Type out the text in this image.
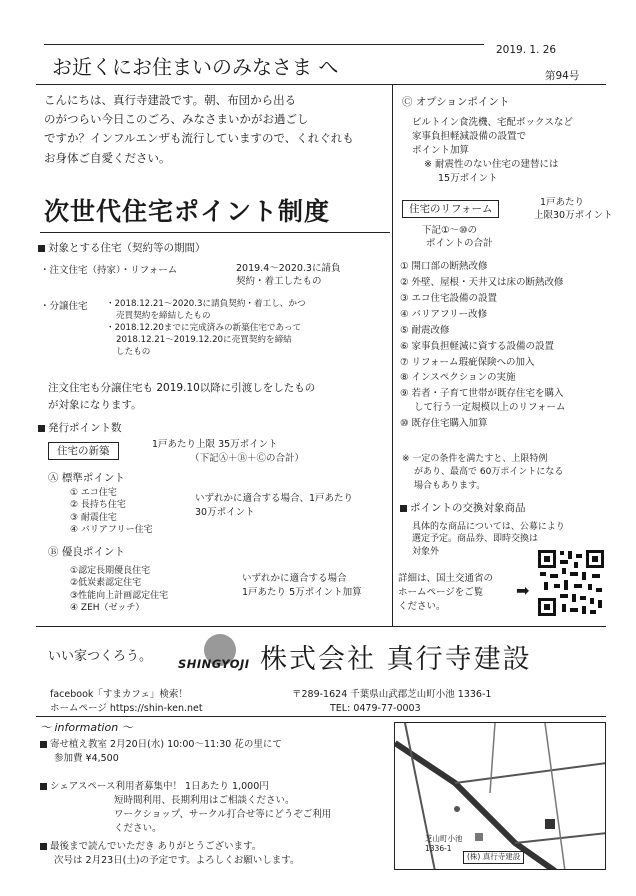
2019. 1. 26
第94号
お近くにお住まいのみなさま へ
こんにちは、真行寺建設です。朝、布団から出る
のがつらい今日このごろ、みなさまいかがお過ごし
ですか？インフルエンザも流行していますので、くれぐれも
お身体ご自愛ください。
次世代住宅ポイント制度
対象とする住宅（契約等の期間）
・注文住宅（持家）・リフォーム	2019.4～2020.3に請負
契約・着工したもの
・分譲住宅 ・2018.12.21～2020.3に請負契約・着工し、かつ
売買契約を締結したもの
・2018.12.20までに完成済みの新築住宅であって
2018.12.21～2019.12.20に売買契約を締結
したもの
注文住宅も分譲住宅も 2019.10以降に引渡しをしたもの
が対象になります。
発行ポイント数
住宅の新築
1戸あたり上限 35万ポイント
（下記Ⓐ＋Ⓑ＋Ⓒの合計）
Ⓐ 標準ポイント
① エコ住宅
② 長持ち住宅
③ 耐震住宅
④ バリアフリー住宅
いずれかに適合する場合、1戸あたり
30万ポイント
Ⓑ 優良ポイント
①認定長期優良住宅
②低炭素認定住宅
③性能向上計画認定住宅
④ ZEH（ゼッチ）
いずれかに適合する場合
1戸あたり 5万ポイント加算
Ⓒ オプションポイント
ビルトイン食洗機、宅配ボックスなど
家事負担軽減設備の設置で
ポイント加算
※ 耐震性のない住宅の建替には
15万ポイント
住宅のリフォーム
1戸あたり
上限30万ポイント
下記①～⑩の
ポイントの合計
① 開口部の断熱改修
② 外壁、屋根・天井又は床の断熱改修
③ エコ住宅設備の設置
④ バリアフリー改修
⑤ 耐震改修
⑥ 家事負担軽減に資する設備の設置
⑦ リフォーム瑕疵保険への加入
⑧ インスペクションの実施
⑨ 若者・子育て世帯が既存住宅を購入
して行う一定規模以上のリフォーム
⑩ 既存住宅購入加算
※ 一定の条件を満たすと、上限特例
があり、最高で 60万ポイントになる
場合もあります。
ポイントの交換対象商品
具体的な商品については、公募により
選定予定。商品券、即時交換は
対象外
詳細は、国土交通省の
ホームページをご覧
ください。
➡
いい家つくろう。 SHINGYOJI 株式会社 真行寺建設
facebook「すまカフェ」検索！
ホームページ https://shin-ken.net
〒289-1624 千葉県山武郡芝山町小池 1336-1
TEL: 0479-77-0003
～ information ～
寄せ植え教室 2月20日(水) 10:00～11:30 花の里にて
参加費 ¥4,500
シェアスペース利用者募集中！ 1日あたり 1,000円
短時間利用、長期利用はご相談ください。
ワークショップ、サークル打合せ等にどうぞご利用
ください。
最後まで読んでいただき ありがとうございます。
次号は 2月23日(土)の予定です。よろしくお願いします。
芝山町小池
1336-1
(株) 真行寺建設
